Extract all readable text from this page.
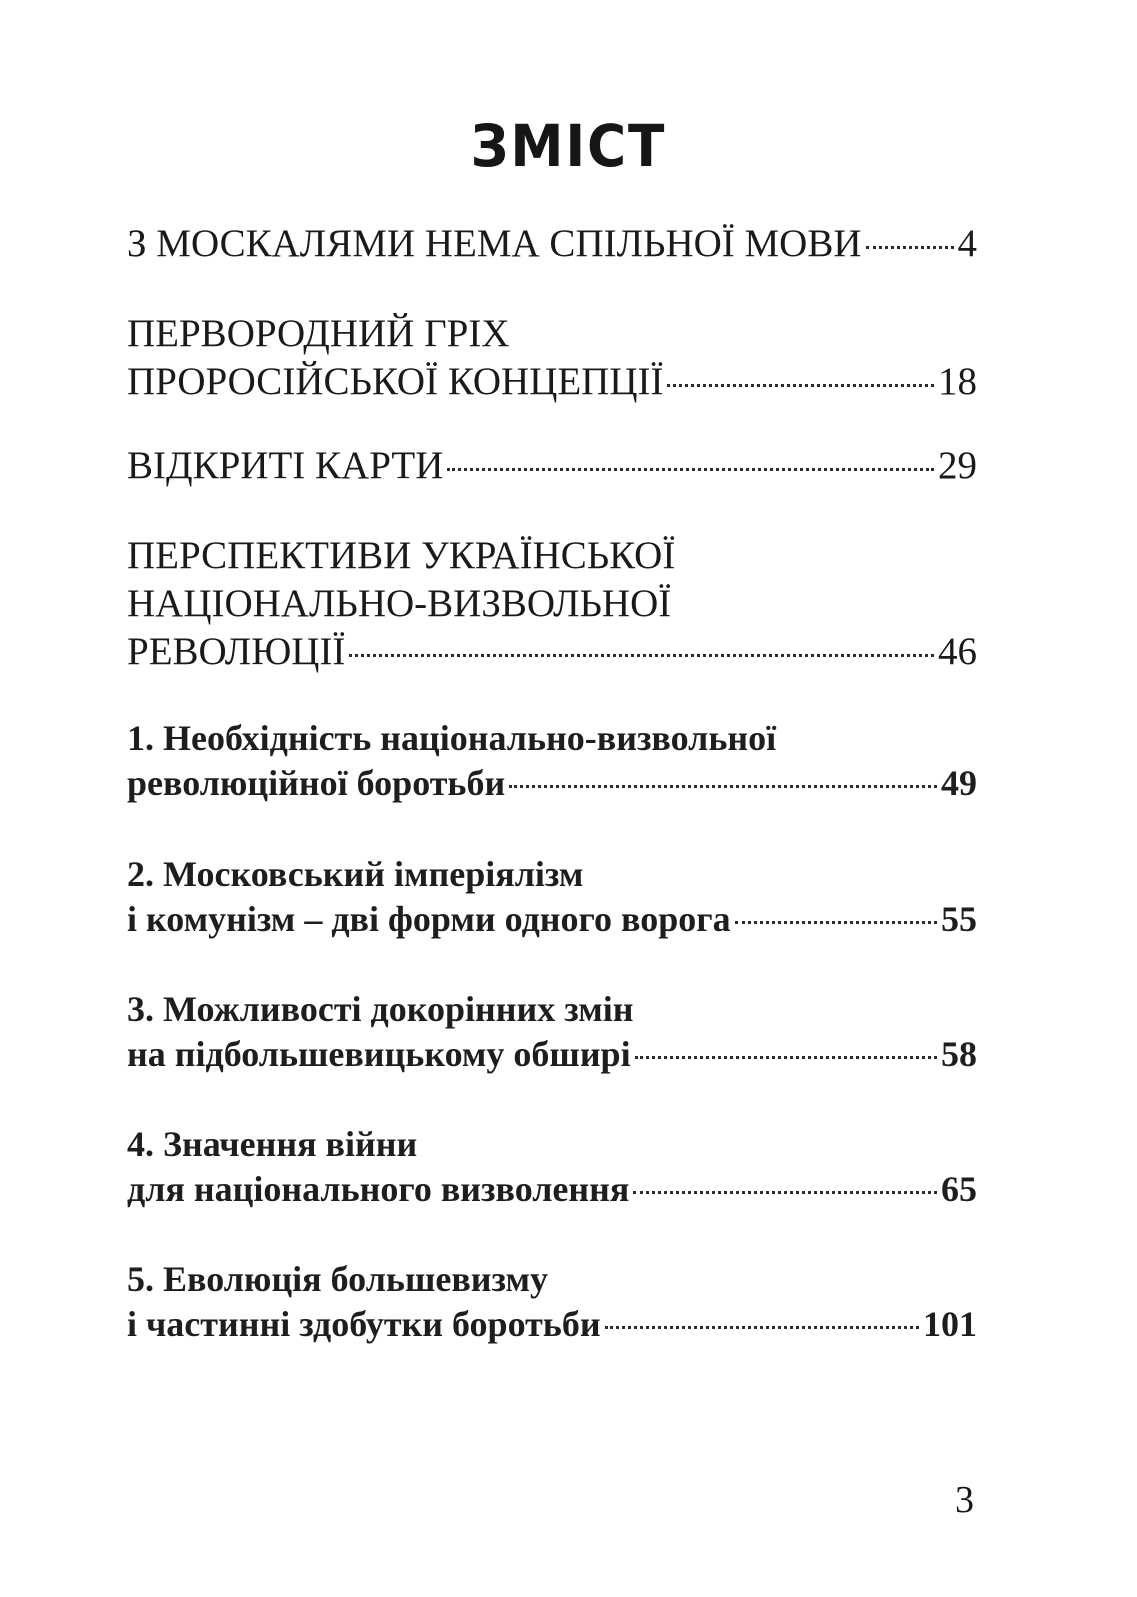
ЗМІСТ
З МОСКАЛЯМИ НЕМА СПІЛЬНОЇ МОВИ 4
ПЕРВОРОДНИЙ ГРІХ
ПРОРОСІЙСЬКОЇ КОНЦЕПЦІЇ	18
ВІДКРИТІ КАРТИ	29
ПЕРСПЕКТИВИ УКРАЇНСЬКОЇ
НАЦІОНАЛЬНО-ВИЗВОЛЬНОЇ
РЕВОЛЮЦІЇ	46
1. Необхідність національно-визвольної
революційної боротьби	49
2. Московський імперіялізм
і комунізм – дві форми одного ворога	55
3. Можливості докорінних змін
на підбольшевицькому обширі	58
4. Значення війни
для національного визволення	65
5. Еволюція большевизму
і частинні здобутки боротьби	101
3
